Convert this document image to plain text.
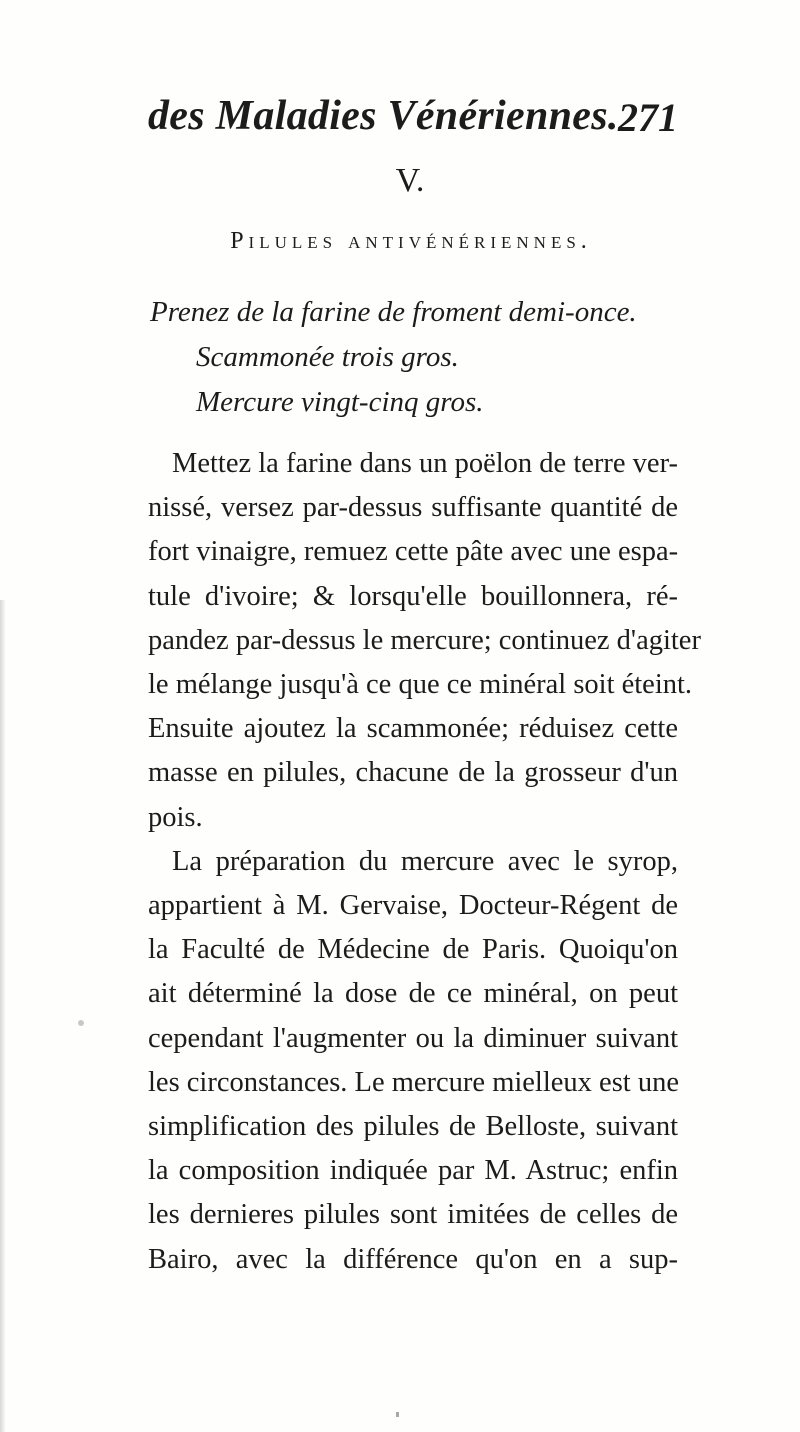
des Maladies Vénériennes. 271
V.
Pilules antivénériennes.
Prenez de la farine de froment demi-once.
Scammonée trois gros.
Mercure vingt-cinq gros.
Mettez la farine dans un poëlon de terre ver-
nissé, versez par-dessus suffisante quantité de
fort vinaigre, remuez cette pâte avec une espa-
tule d'ivoire; & lorsqu'elle bouillonnera, ré-
pandez par-dessus le mercure; continuez d'agiter
le mélange jusqu'à ce que ce minéral soit éteint.
Ensuite ajoutez la scammonée; réduisez cette
masse en pilules, chacune de la grosseur d'un
pois.
La préparation du mercure avec le syrop,
appartient à M. Gervaise, Docteur-Régent de
la Faculté de Médecine de Paris. Quoiqu'on
ait déterminé la dose de ce minéral, on peut
cependant l'augmenter ou la diminuer suivant
les circonstances. Le mercure mielleux est une
simplification des pilules de Belloste, suivant
la composition indiquée par M. Astruc; enfin
les dernieres pilules sont imitées de celles de
Bairo, avec la différence qu'on en a sup-
